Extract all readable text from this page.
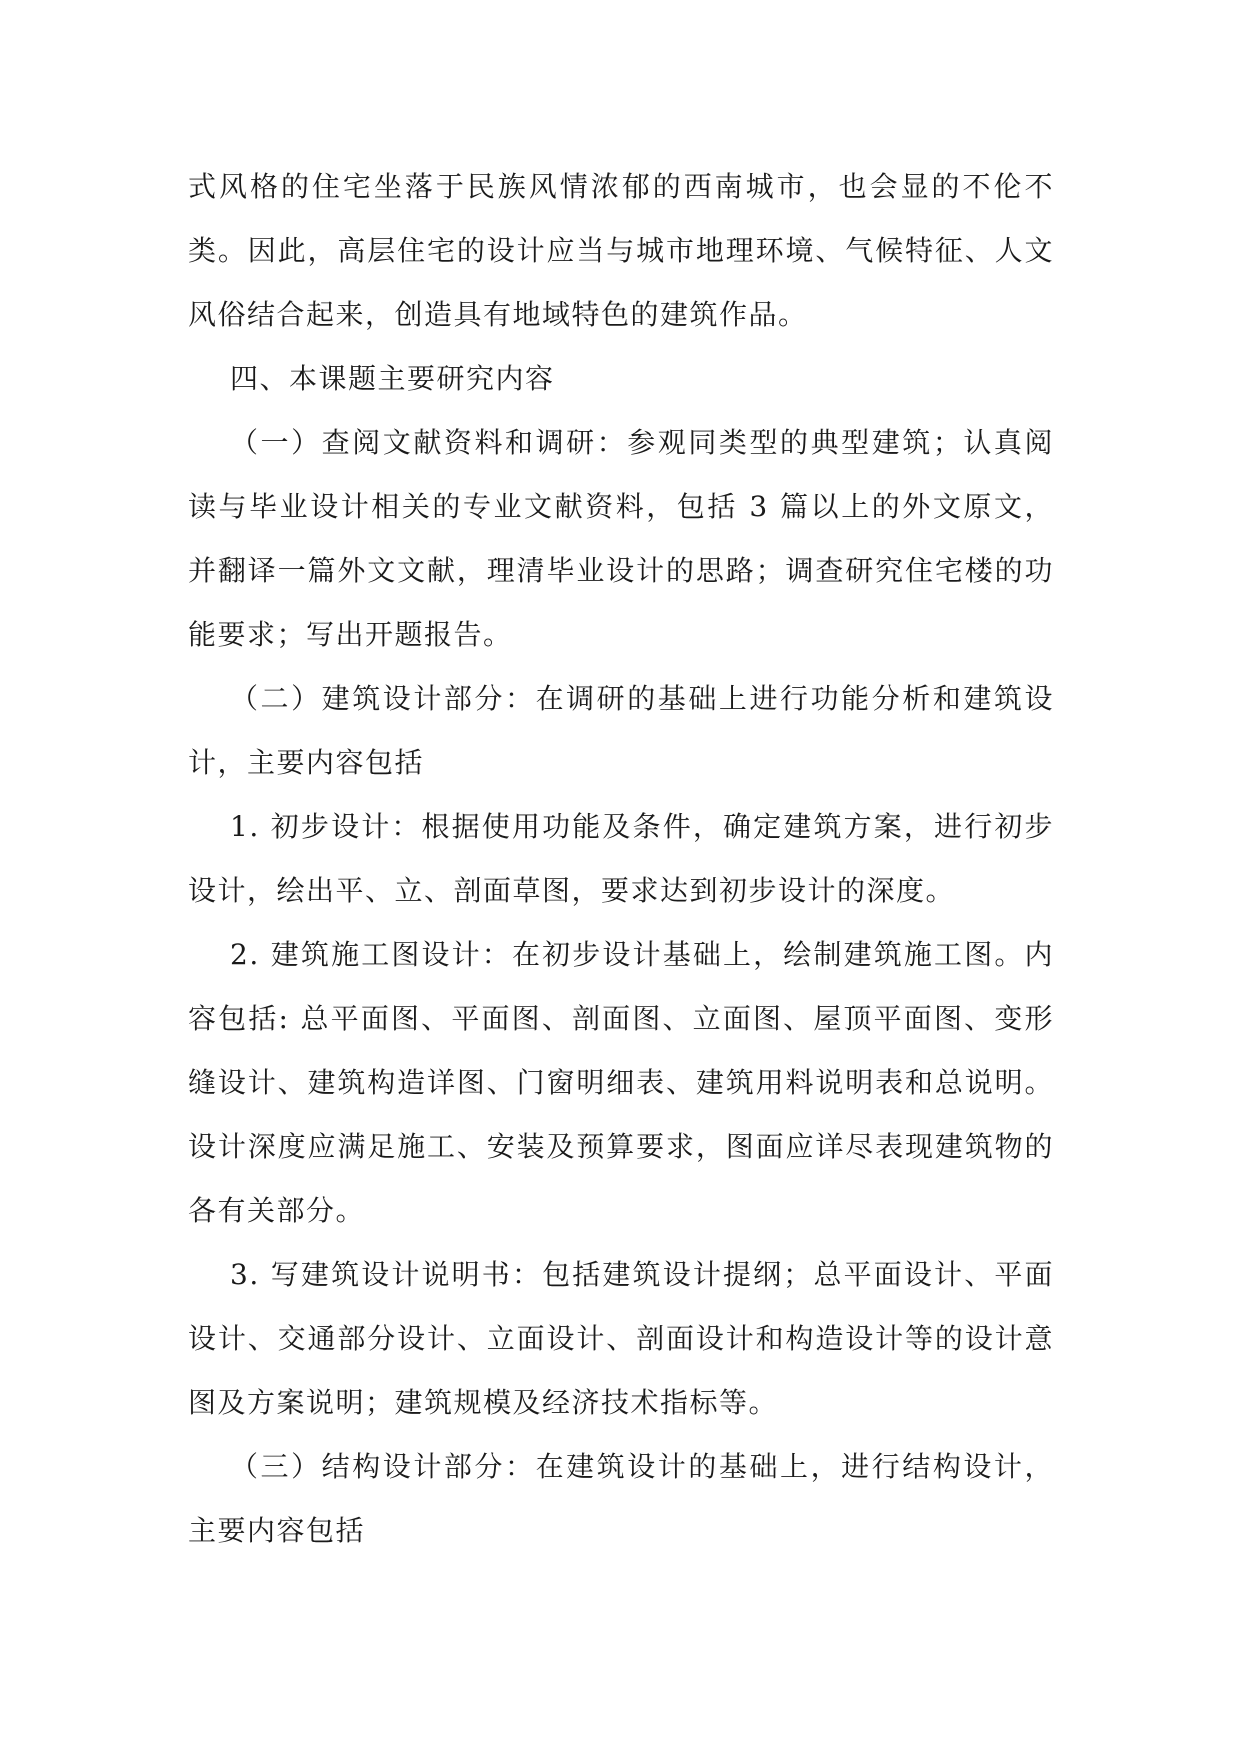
式风格的住宅坐落于民族风情浓郁的西南城市，也会显的不伦不类。因此，高层住宅的设计应当与城市地理环境、气候特征、人文风俗结合起来，创造具有地域特色的建筑作品。

四、本课题主要研究内容

（一）查阅文献资料和调研：参观同类型的典型建筑；认真阅读与毕业设计相关的专业文献资料，包括 3 篇以上的外文原文，并翻译一篇外文文献，理清毕业设计的思路；调查研究住宅楼的功能要求；写出开题报告。

（二）建筑设计部分：在调研的基础上进行功能分析和建筑设计，主要内容包括

1. 初步设计：根据使用功能及条件，确定建筑方案，进行初步设计，绘出平、立、剖面草图，要求达到初步设计的深度。

2. 建筑施工图设计：在初步设计基础上，绘制建筑施工图。内容包括: 总平面图、平面图、剖面图、立面图、屋顶平面图、变形缝设计、建筑构造详图、门窗明细表、建筑用料说明表和总说明。设计深度应满足施工、安装及预算要求，图面应详尽表现建筑物的各有关部分。

3. 写建筑设计说明书：包括建筑设计提纲；总平面设计、平面设计、交通部分设计、立面设计、剖面设计和构造设计等的设计意图及方案说明；建筑规模及经济技术指标等。

（三）结构设计部分：在建筑设计的基础上，进行结构设计，主要内容包括
